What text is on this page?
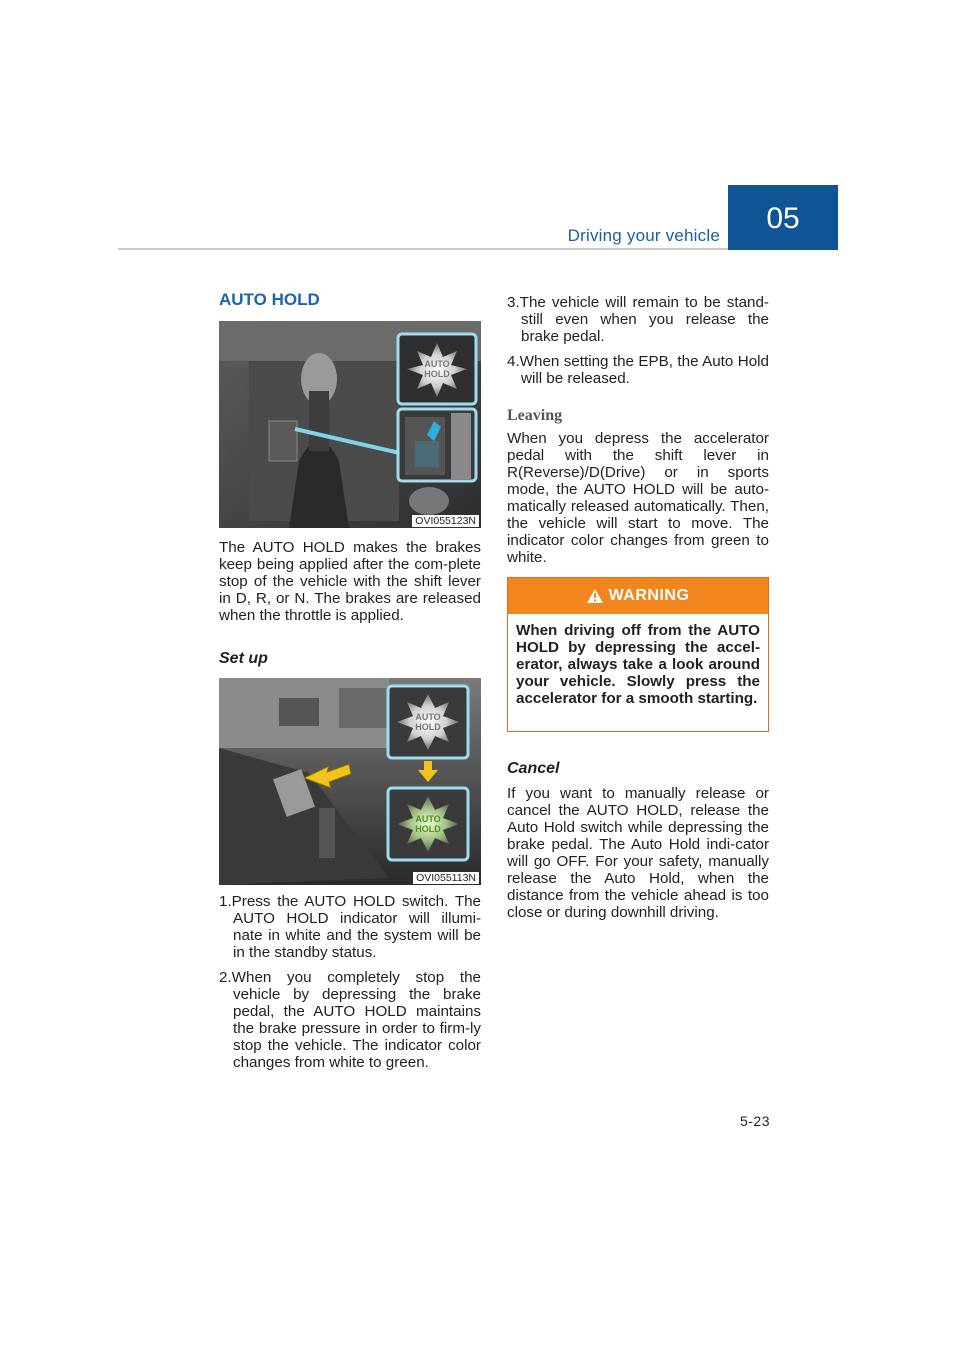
Driving your vehicle
05
AUTO HOLD
AUTO
HOLD
OVI055123N
The AUTO HOLD makes the brakes keep being applied after the com-plete stop of the vehicle with the shift lever in D, R, or N. The brakes are released when the throttle is applied.
Set up
AUTO
HOLD
AUTO
HOLD
OVI055113N
1.Press the AUTO HOLD switch. The AUTO HOLD indicator will illumi-nate in white and the system will be in the standby status.
2.When you completely stop the vehicle by depressing the brake pedal, the AUTO HOLD maintains the brake pressure in order to firm-ly stop the vehicle. The indicator color changes from white to green.
3.The vehicle will remain to be stand-still even when you release the brake pedal.
4.When setting the EPB, the Auto Hold will be released.
Leaving
When you depress the accelerator pedal with the shift lever in R(Reverse)/D(Drive) or in sports mode, the AUTO HOLD will be auto-matically released automatically. Then, the vehicle will start to move. The indicator color changes from green to white.
WARNING
When driving off from the AUTO HOLD by depressing the accel-erator, always take a look around your vehicle. Slowly press the accelerator for a smooth starting.
Cancel
If you want to manually release or cancel the AUTO HOLD, release the Auto Hold switch while depressing the brake pedal. The Auto Hold indi-cator will go OFF. For your safety, manually release the Auto Hold, when the distance from the vehicle ahead is too close or during downhill driving.
5-23
